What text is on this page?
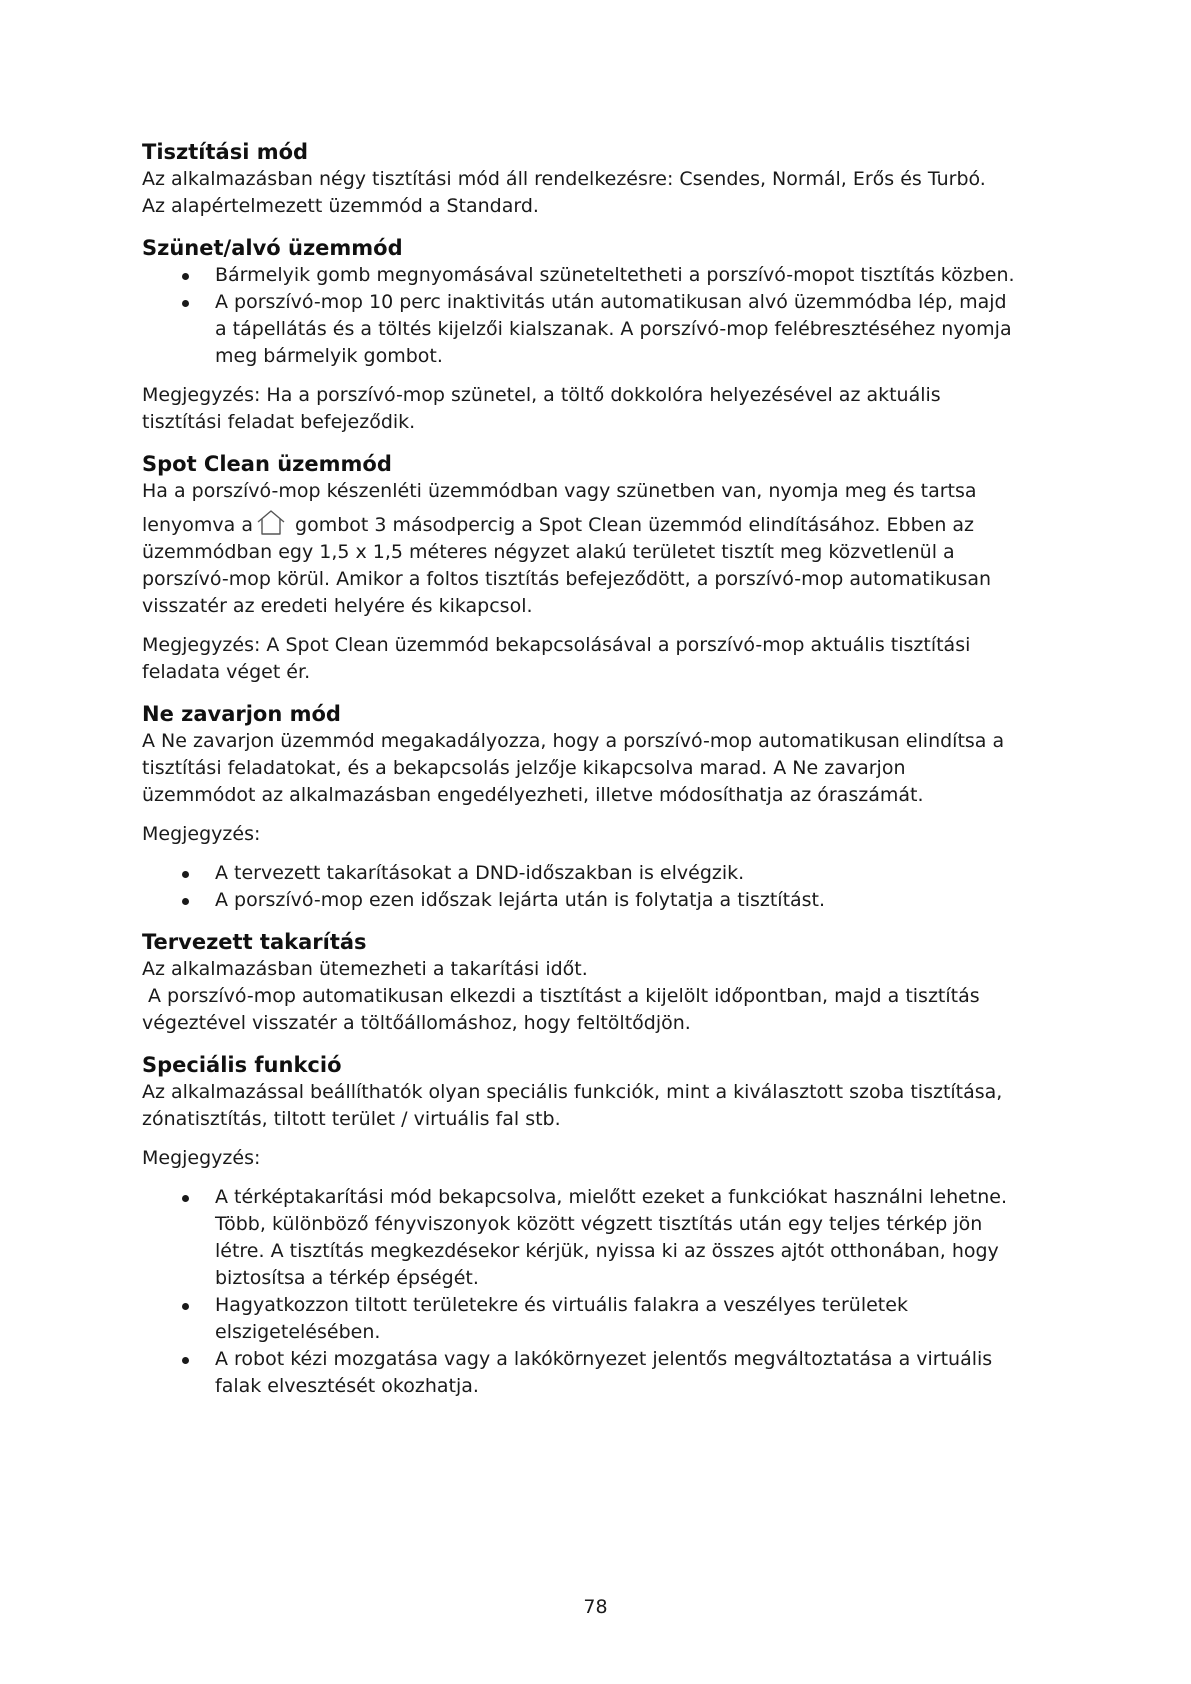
Tisztítási mód

Az alkalmazásban négy tisztítási mód áll rendelkezésre: Csendes, Normál, Erős és Turbó.

Az alapértelmezett üzemmód a Standard.

Szünet/alvó üzemmód
Bármelyik gomb megnyomásával szüneteltetheti a porszívó-mopot tisztítás közben.
A porszívó-mop 10 perc inaktivitás után automatikusan alvó üzemmódba lép, majd
a tápellátás és a töltés kijelzői kialszanak. A porszívó-mop felébresztéséhez nyomja
meg bármelyik gombot.

Megjegyzés: Ha a porszívó-mop szünetel, a töltő dokkolóra helyezésével az aktuális

tisztítási feladat befejeződik.

Spot Clean üzemmód

Ha a porszívó-mop készenléti üzemmódban vagy szünetben van, nyomja meg és tartsa

lenyomva a gombot 3 másodpercig a Spot Clean üzemmód elindításához. Ebben az

üzemmódban egy 1,5 x 1,5 méteres négyzet alakú területet tisztít meg közvetlenül a

porszívó-mop körül. Amikor a foltos tisztítás befejeződött, a porszívó-mop automatikusan

visszatér az eredeti helyére és kikapcsol.

Megjegyzés: A Spot Clean üzemmód bekapcsolásával a porszívó-mop aktuális tisztítási

feladata véget ér.

Ne zavarjon mód

A Ne zavarjon üzemmód megakadályozza, hogy a porszívó-mop automatikusan elindítsa a

tisztítási feladatokat, és a bekapcsolás jelzője kikapcsolva marad. A Ne zavarjon

üzemmódot az alkalmazásban engedélyezheti, illetve módosíthatja az óraszámát.

Megjegyzés:

A tervezett takarításokat a DND-időszakban is elvégzik.
A porszívó-mop ezen időszak lejárta után is folytatja a tisztítást.
Tervezett takarítás

Az alkalmazásban ütemezheti a takarítási időt.

A porszívó-mop automatikusan elkezdi a tisztítást a kijelölt időpontban, majd a tisztítás

végeztével visszatér a töltőállomáshoz, hogy feltöltődjön.

Speciális funkció

Az alkalmazással beállíthatók olyan speciális funkciók, mint a kiválasztott szoba tisztítása,

zónatisztítás, tiltott terület / virtuális fal stb.

Megjegyzés:

A térképtakarítási mód bekapcsolva, mielőtt ezeket a funkciókat használni lehetne.
Több, különböző fényviszonyok között végzett tisztítás után egy teljes térkép jön
létre. A tisztítás megkezdésekor kérjük, nyissa ki az összes ajtót otthonában, hogy
biztosítsa a térkép épségét.
Hagyatkozzon tiltott területekre és virtuális falakra a veszélyes területek
elszigetelésében.
A robot kézi mozgatása vagy a lakókörnyezet jelentős megváltoztatása a virtuális
falak elvesztését okozhatja.
78
